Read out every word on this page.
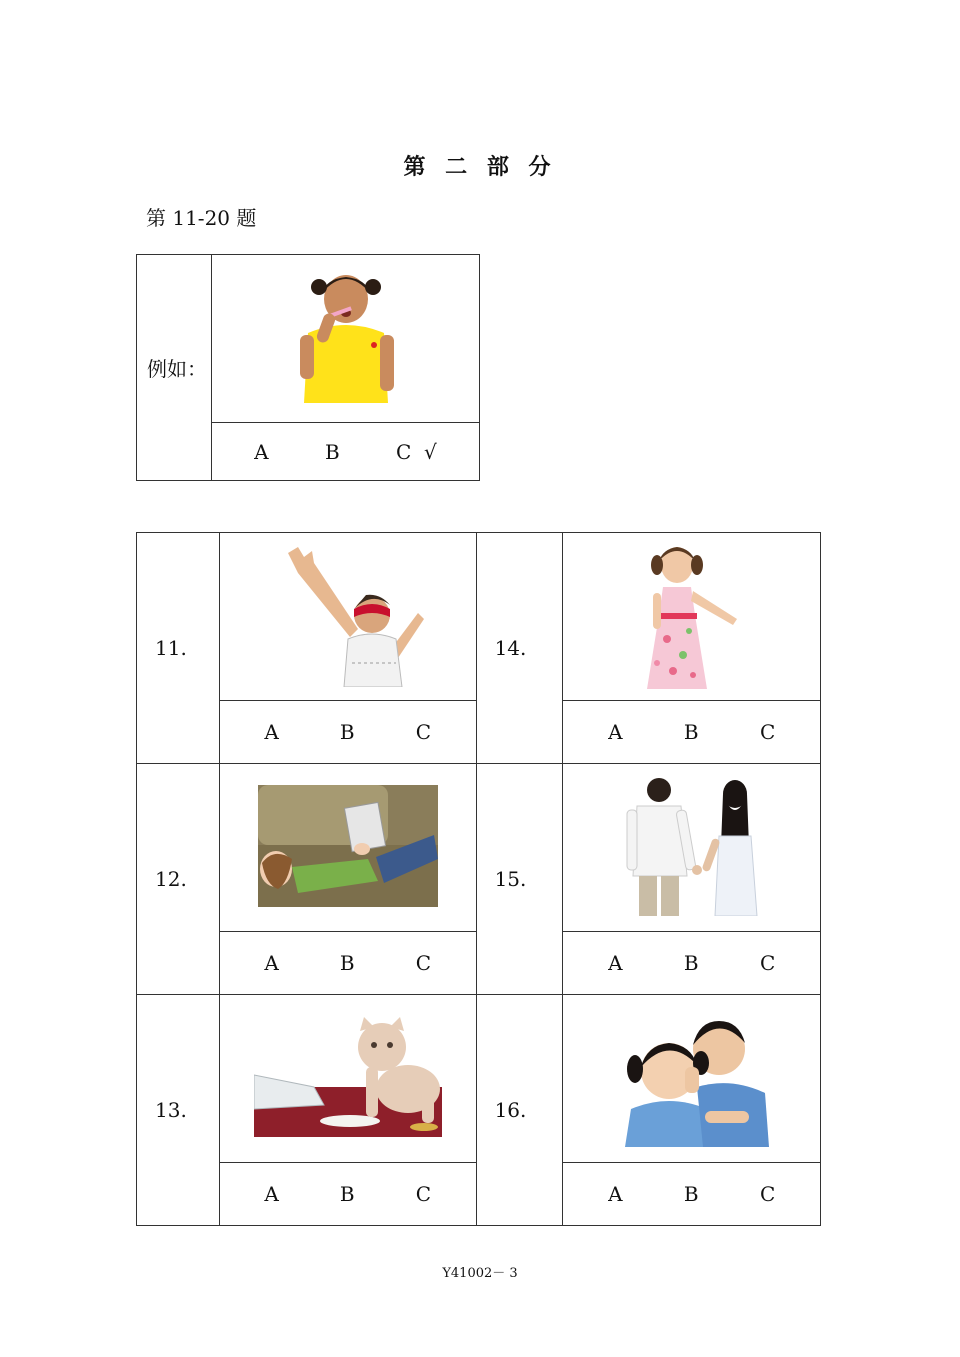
第 二 部 分
第 11-20 题
例如：	

A	B	C √
11.		14.	

	A B C		A B C

12.		15.	

	A B C		A B C

13.		16.	

	A B C		A B C
Y41002－ 3
